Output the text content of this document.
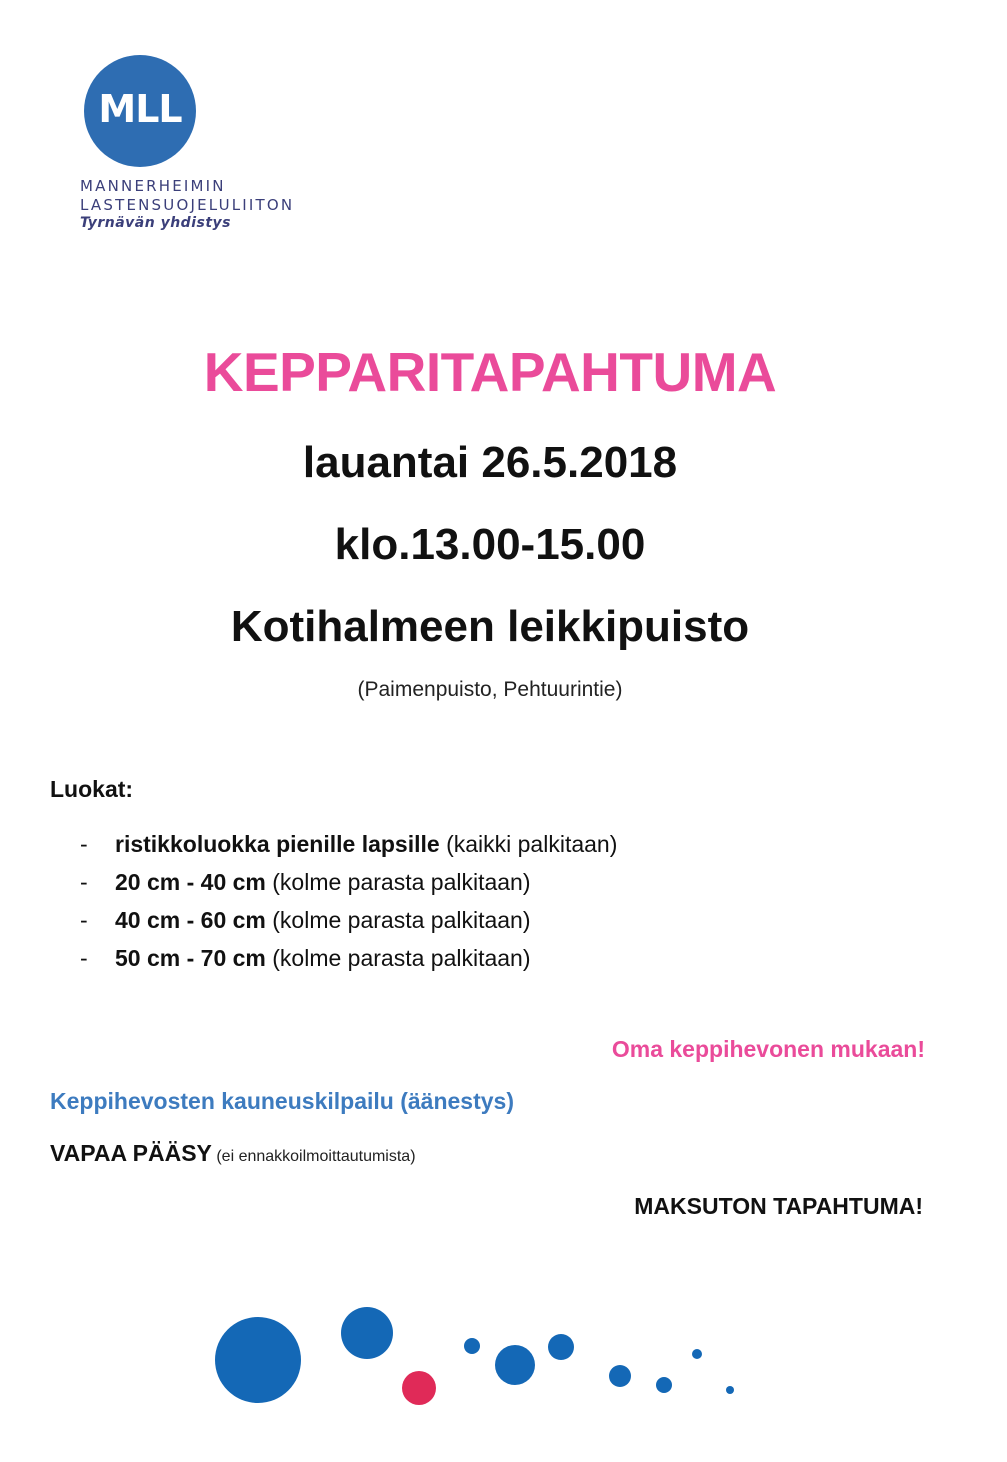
MLL
MANNERHEIMIN
LASTENSUOJELULIITON
Tyrnävän yhdistys
KEPPARITAPAHTUMA
lauantai 26.5.2018
klo.13.00-15.00
Kotihalmeen leikkipuisto
(Paimenpuisto, Pehtuurintie)
Luokat:
-	ristikkoluokka pienille lapsille (kaikki palkitaan)
-	20 cm - 40 cm (kolme parasta palkitaan)
-	40 cm - 60 cm (kolme parasta palkitaan)
-	50 cm - 70 cm (kolme parasta palkitaan)
Oma keppihevonen mukaan!
Keppihevosten kauneuskilpailu (äänestys)
VAPAA PÄÄSY (ei ennakkoilmoittautumista)
MAKSUTON TAPAHTUMA!
